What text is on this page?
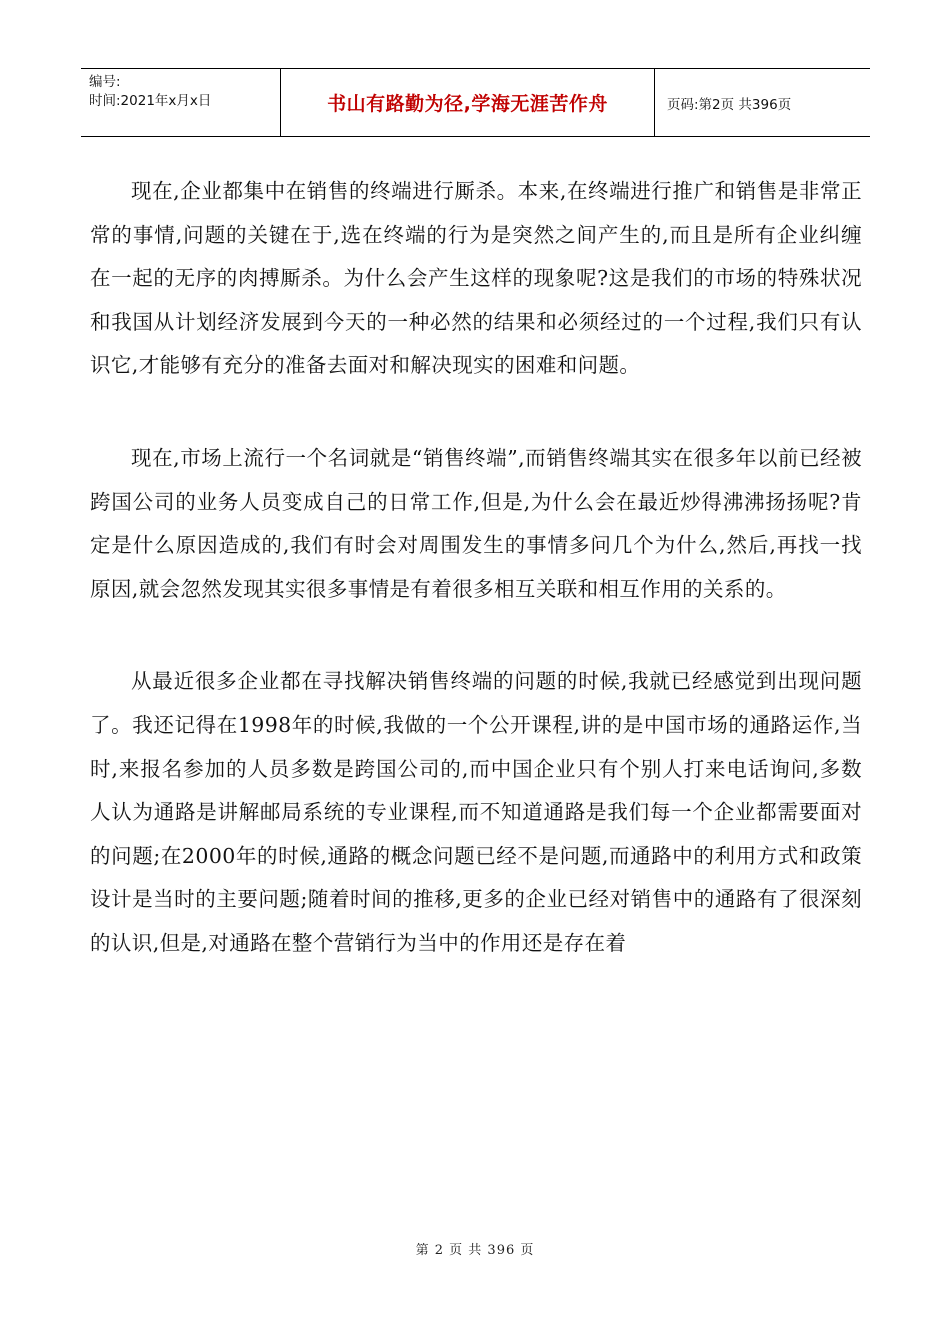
编号:
时间:2021年x月x日	书山有路勤为径,学海无涯苦作舟	页码:第2页 共396页

现在,企业都集中在销售的终端进行厮杀。本来,在终端进行推广和销售是非常正常的事情,问题的关键在于,选在终端的行为是突然之间产生的,而且是所有企业纠缠在一起的无序的肉搏厮杀。为什么会产生这样的现象呢?这是我们的市场的特殊状况和我国从计划经济发展到今天的一种必然的结果和必须经过的一个过程,我们只有认识它,才能够有充分的准备去面对和解决现实的困难和问题。

现在,市场上流行一个名词就是“销售终端”,而销售终端其实在很多年以前已经被跨国公司的业务人员变成自己的日常工作,但是,为什么会在最近炒得沸沸扬扬呢?肯定是什么原因造成的,我们有时会对周围发生的事情多问几个为什么,然后,再找一找原因,就会忽然发现其实很多事情是有着很多相互关联和相互作用的关系的。

从最近很多企业都在寻找解决销售终端的问题的时候,我就已经感觉到出现问题了。我还记得在1998年的时候,我做的一个公开课程,讲的是中国市场的通路运作,当时,来报名参加的人员多数是跨国公司的,而中国企业只有个别人打来电话询问,多数人认为通路是讲解邮局系统的专业课程,而不知道通路是我们每一个企业都需要面对的问题;在2000年的时候,通路的概念问题已经不是问题,而通路中的利用方式和政策设计是当时的主要问题;随着时间的推移,更多的企业已经对销售中的通路有了很深刻的认识,但是,对通路在整个营销行为当中的作用还是存在着

第 2 页 共 396 页
